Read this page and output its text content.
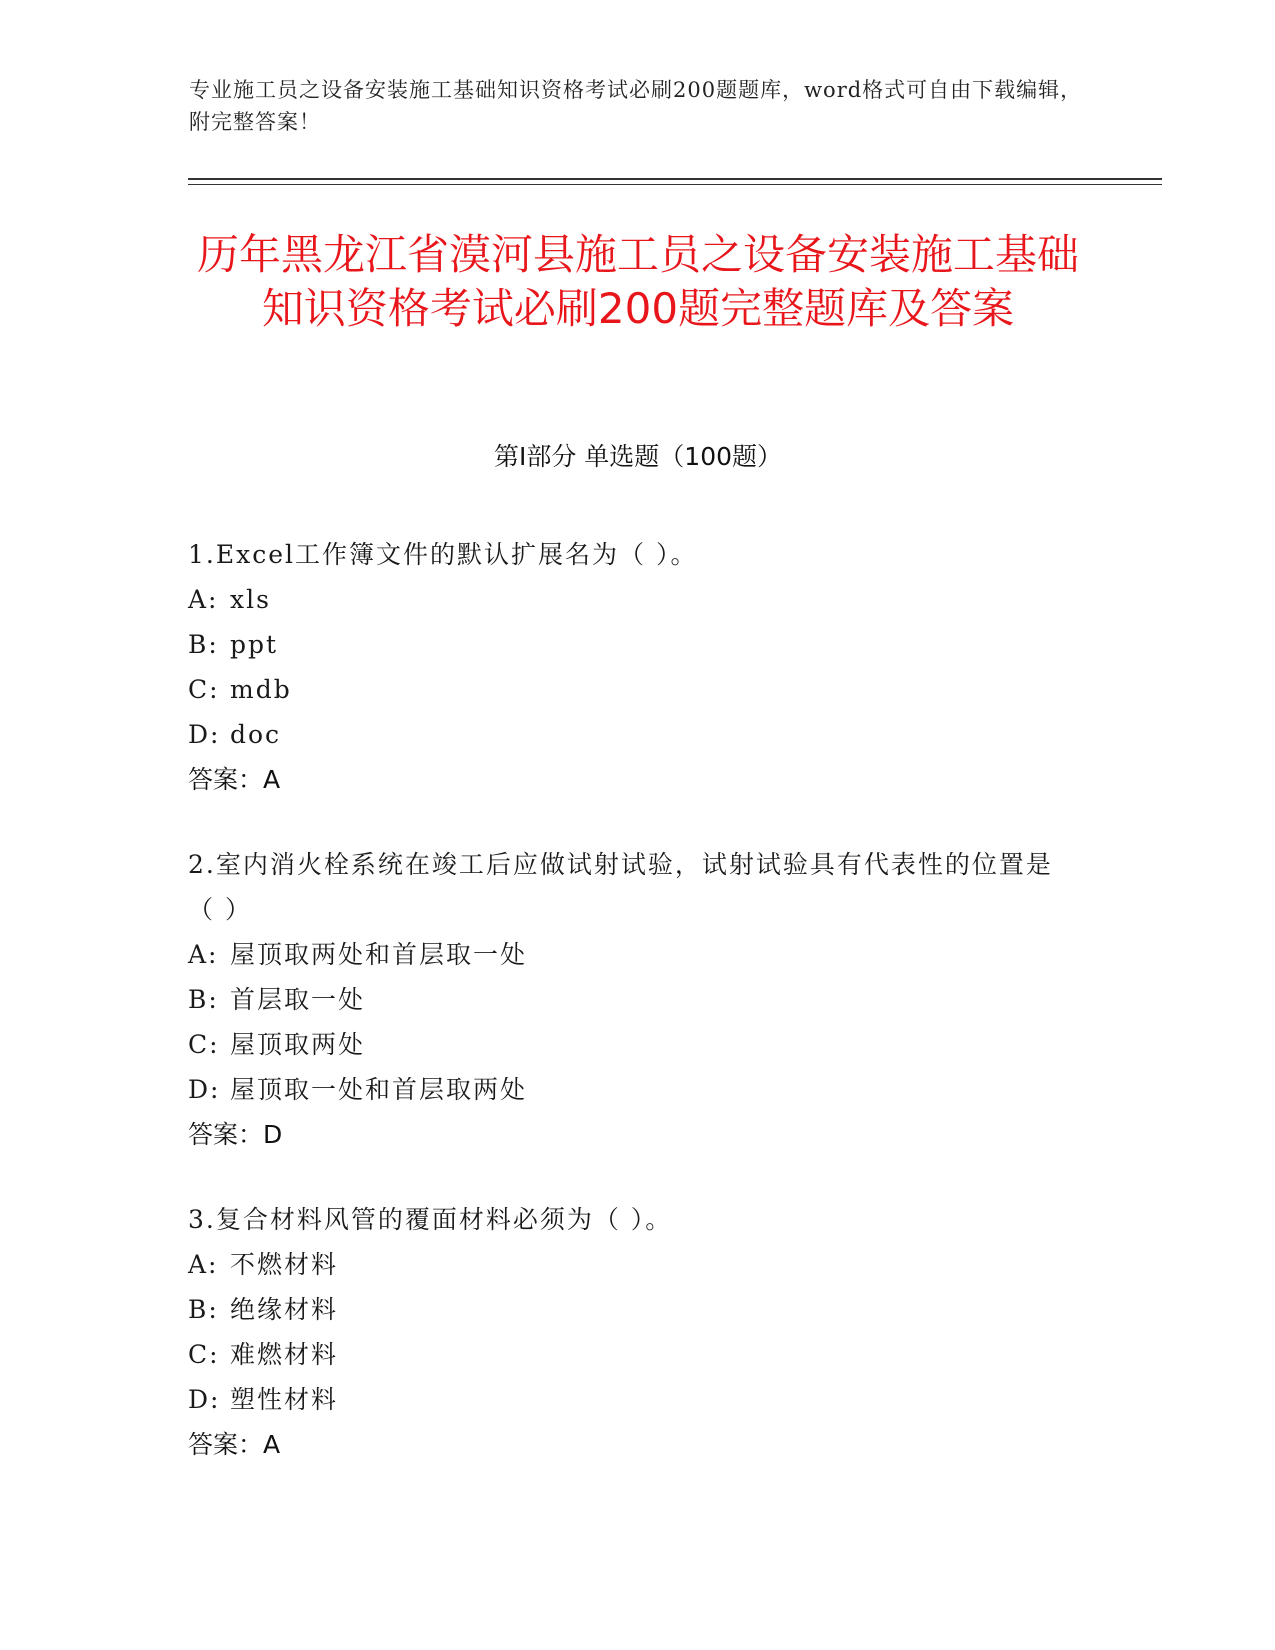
专业施工员之设备安装施工基础知识资格考试必刷200题题库，word格式可自由下载编辑，附完整答案！
历年黑龙江省漠河县施工员之设备安装施工基础知识资格考试必刷200题完整题库及答案
第Ⅰ部分 单选题（100题）
1.Excel工作簿文件的默认扩展名为（ ）。
A: xls
B: ppt
C: mdb
D: doc
答案：A
2.室内消火栓系统在竣工后应做试射试验，试射试验具有代表性的位置是（ ）
A: 屋顶取两处和首层取一处
B: 首层取一处
C: 屋顶取两处
D: 屋顶取一处和首层取两处
答案：D
3.复合材料风管的覆面材料必须为（ ）。
A: 不燃材料
B: 绝缘材料
C: 难燃材料
D: 塑性材料
答案：A
